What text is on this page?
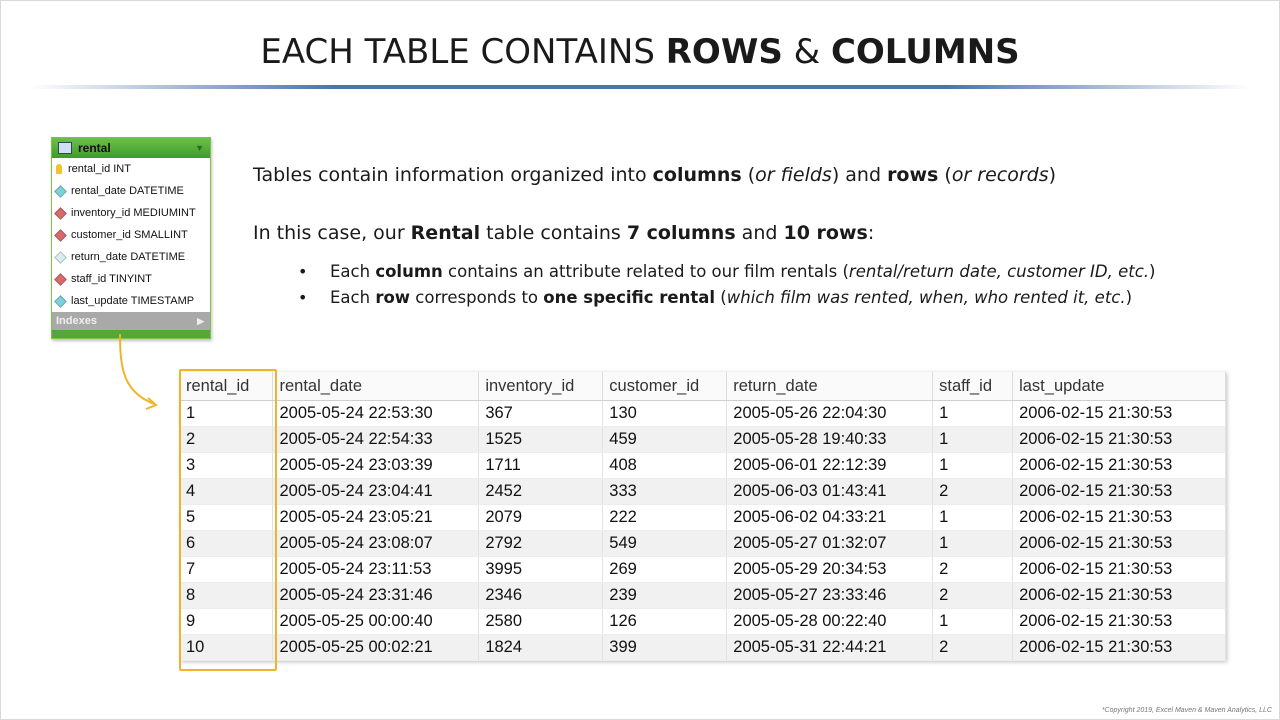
EACH TABLE CONTAINS ROWS & COLUMNS
rental	▼
rental_id INT
rental_date DATETIME
inventory_id MEDIUMINT
customer_id SMALLINT
return_date DATETIME
staff_id TINYINT
last_update TIMESTAMP
Indexes	▶
Tables contain information organized into columns (or fields) and rows (or records)
In this case, our Rental table contains 7 columns and 10 rows:
•	Each column contains an attribute related to our film rentals (rental/return date, customer ID, etc.)
•	Each row corresponds to one specific rental (which film was rented, when, who rented it, etc.)
rental_id	rental_date	inventory_id	customer_id	return_date	staff_id	last_update
1	2005-05-24 22:53:30	367	130	2005-05-26 22:04:30	1	2006-02-15 21:30:53
2	2005-05-24 22:54:33	1525	459	2005-05-28 19:40:33	1	2006-02-15 21:30:53
3	2005-05-24 23:03:39	1711	408	2005-06-01 22:12:39	1	2006-02-15 21:30:53
4	2005-05-24 23:04:41	2452	333	2005-06-03 01:43:41	2	2006-02-15 21:30:53
5	2005-05-24 23:05:21	2079	222	2005-06-02 04:33:21	1	2006-02-15 21:30:53
6	2005-05-24 23:08:07	2792	549	2005-05-27 01:32:07	1	2006-02-15 21:30:53
7	2005-05-24 23:11:53	3995	269	2005-05-29 20:34:53	2	2006-02-15 21:30:53
8	2005-05-24 23:31:46	2346	239	2005-05-27 23:33:46	2	2006-02-15 21:30:53
9	2005-05-25 00:00:40	2580	126	2005-05-28 00:22:40	1	2006-02-15 21:30:53
10	2005-05-25 00:02:21	1824	399	2005-05-31 22:44:21	2	2006-02-15 21:30:53
*Copyright 2019, Excel Maven & Maven Analytics, LLC
